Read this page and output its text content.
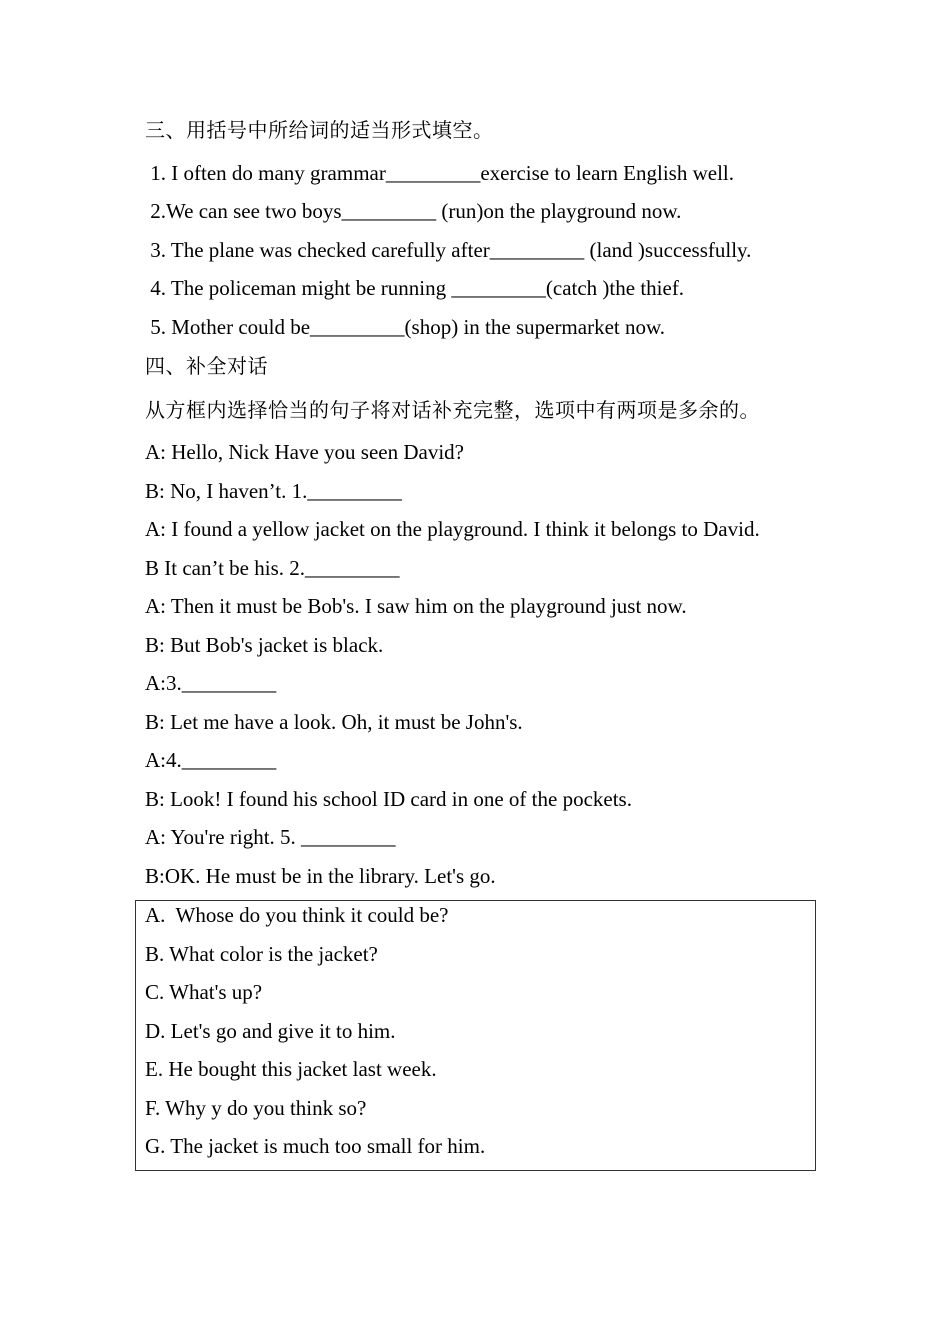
三、用括号中所给词的适当形式填空。
1. I often do many grammar_________exercise to learn English well.
2.We can see two boys_________ (run)on the playground now.
3. The plane was checked carefully after_________ (land )successfully.
4. The policeman might be running _________(catch )the thief.
5. Mother could be_________(shop) in the supermarket now.
四、补全对话
从方框内选择恰当的句子将对话补充完整，选项中有两项是多余的。
A: Hello, Nick Have you seen David?
B: No, I haven’t. 1._________
A: I found a yellow jacket on the playground. I think it belongs to David.
B It can’t be his. 2._________
A: Then it must be Bob's. I saw him on the playground just now.
B: But Bob's jacket is black.
A:3._________
B: Let me have a look. Oh, it must be John's.
A:4._________
B: Look! I found his school ID card in one of the pockets.
A: You're right. 5. _________
B:OK. He must be in the library. Let's go.
A.  Whose do you think it could be?
B. What color is the jacket?
C. What's up?
D. Let's go and give it to him.
E. He bought this jacket last week.
F. Why y do you think so?
G. The jacket is much too small for him.
